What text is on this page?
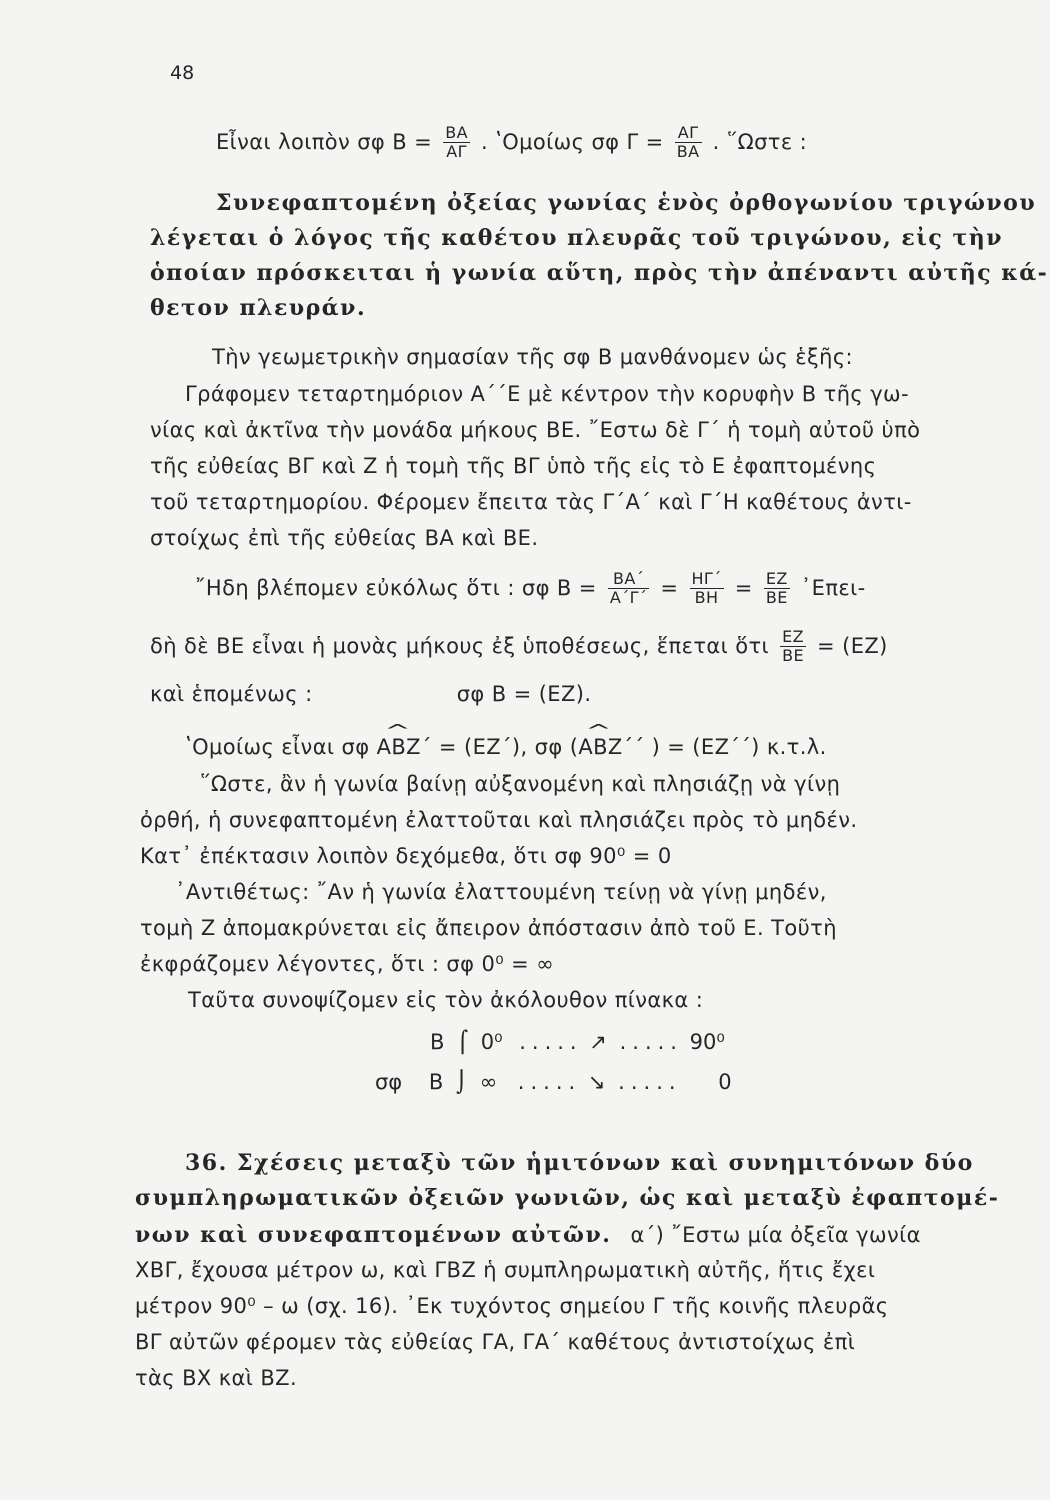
48
Εἶναι λοιπὸν σφ $B = \frac{BA}{A\Gamma}$ . ʽΟμοίως σφ $\Gamma = \frac{A\Gamma}{BA}$ . ῞Ωστε :
Συνεφαπτομένη ὀξείας γωνίας ἑνὸς ὀρθογωνίου τριγώνου
λέγεται ὁ λόγος τῆς καθέτου πλευρᾶς τοῦ τριγώνου, εἰς τὴν
ὁποίαν πρόσκειται ἡ γωνία αὕτη, πρὸς τὴν ἀπέναντι αὐτῆς κά-
θετον πλευράν.
Τὴν γεωμετρικὴν σημασίαν τῆς σφ Β μανθάνομεν ὡς ἑξῆς:
Γράφομεν τεταρτημόριον Α΄΄Ε μὲ κέντρον τὴν κορυφὴν Β τῆς γω-
νίας καὶ ἀκτῖνα τὴν μονάδα μήκους ΒΕ. ῎Εστω δὲ Γ΄ ἡ τομὴ αὐτοῦ ὑπὸ
τῆς εὐθείας ΒΓ καὶ Ζ ἡ τομὴ τῆς ΒΓ ὑπὸ τῆς εἰς τὸ Ε ἐφαπτομένης
τοῦ τεταρτημορίου. Φέρομεν ἔπειτα τὰς Γ΄Α΄ καὶ Γ΄Η καθέτους ἀντι-
στοίχως ἐπὶ τῆς εὐθείας ΒΑ καὶ ΒΕ.
῎Ηδη βλέπομεν εὐκόλως ὅτι : σφ $B = \frac{BA΄}{A΄\Gamma΄} = \frac{H\Gamma΄}{BH} = \frac{EZ}{BE}$ ᾿Επει-
δὴ δὲ ΒΕ εἶναι ἡ μονὰς μήκους ἐξ ὑποθέσεως, ἕπεται ὅτι $\frac{EZ}{BE} = (EZ)$
καὶ ἑπομένως :	σφ Β = (ΕΖ).
ʽΟμοίως εἶναι σφ ^ ΑΒΖ΄ = (ΕΖ΄), σφ (^ ΑΒΖ΄΄ ) = (ΕΖ΄΄) κ.τ.λ.
῞Ωστε, ἂν ἡ γωνία βαίνῃ αὐξανομένη καὶ πλησιάζῃ νὰ γίνῃ
ὀρθή, ἡ συνεφαπτομένη ἐλαττοῦται καὶ πλησιάζει πρὸς τὸ μηδέν.
Κατ᾿ ἐπέκτασιν λοιπὸν δεχόμεθα, ὅτι σφ 90⁰ = 0
᾿Αντιθέτως: ῎Αν ἡ γωνία ἐλαττουμένη τείνῃ νὰ γίνῃ μηδέν,
τομὴ Ζ ἀπομακρύνεται εἰς ἄπειρον ἀπόστασιν ἀπὸ τοῦ Ε. Τοῦτὴ
ἐκφράζομεν λέγοντες, ὅτι : σφ 0⁰ = ∞
Ταῦτα συνοψίζομεν εἰς τὸν ἀκόλουθον πίνακα :
Β ⌠ 0⁰ ..... ↗ ..... 90⁰
σφ Β ⌡ ∞ ..... ↘ ..... 0
36. Σχέσεις μεταξὺ τῶν ἡμιτόνων καὶ συνημιτόνων δύο
συμπληρωματικῶν ὀξειῶν γωνιῶν, ὡς καὶ μεταξὺ ἐφαπτομέ-
νων καὶ συνεφαπτομένων αὐτῶν. α΄) ῎Εστω μία ὀξεῖα γωνία
ΧΒΓ, ἔχουσα μέτρον ω, καὶ ΓΒΖ ἡ συμπληρωματικὴ αὐτῆς, ἥτις ἔχει
μέτρον 90⁰ – ω (σχ. 16). ᾿Εκ τυχόντος σημείου Γ τῆς κοινῆς πλευρᾶς
ΒΓ αὐτῶν φέρομεν τὰς εὐθείας ΓΑ, ΓΑ΄ καθέτους ἀντιστοίχως ἐπὶ
τὰς ΒΧ καὶ ΒΖ.
